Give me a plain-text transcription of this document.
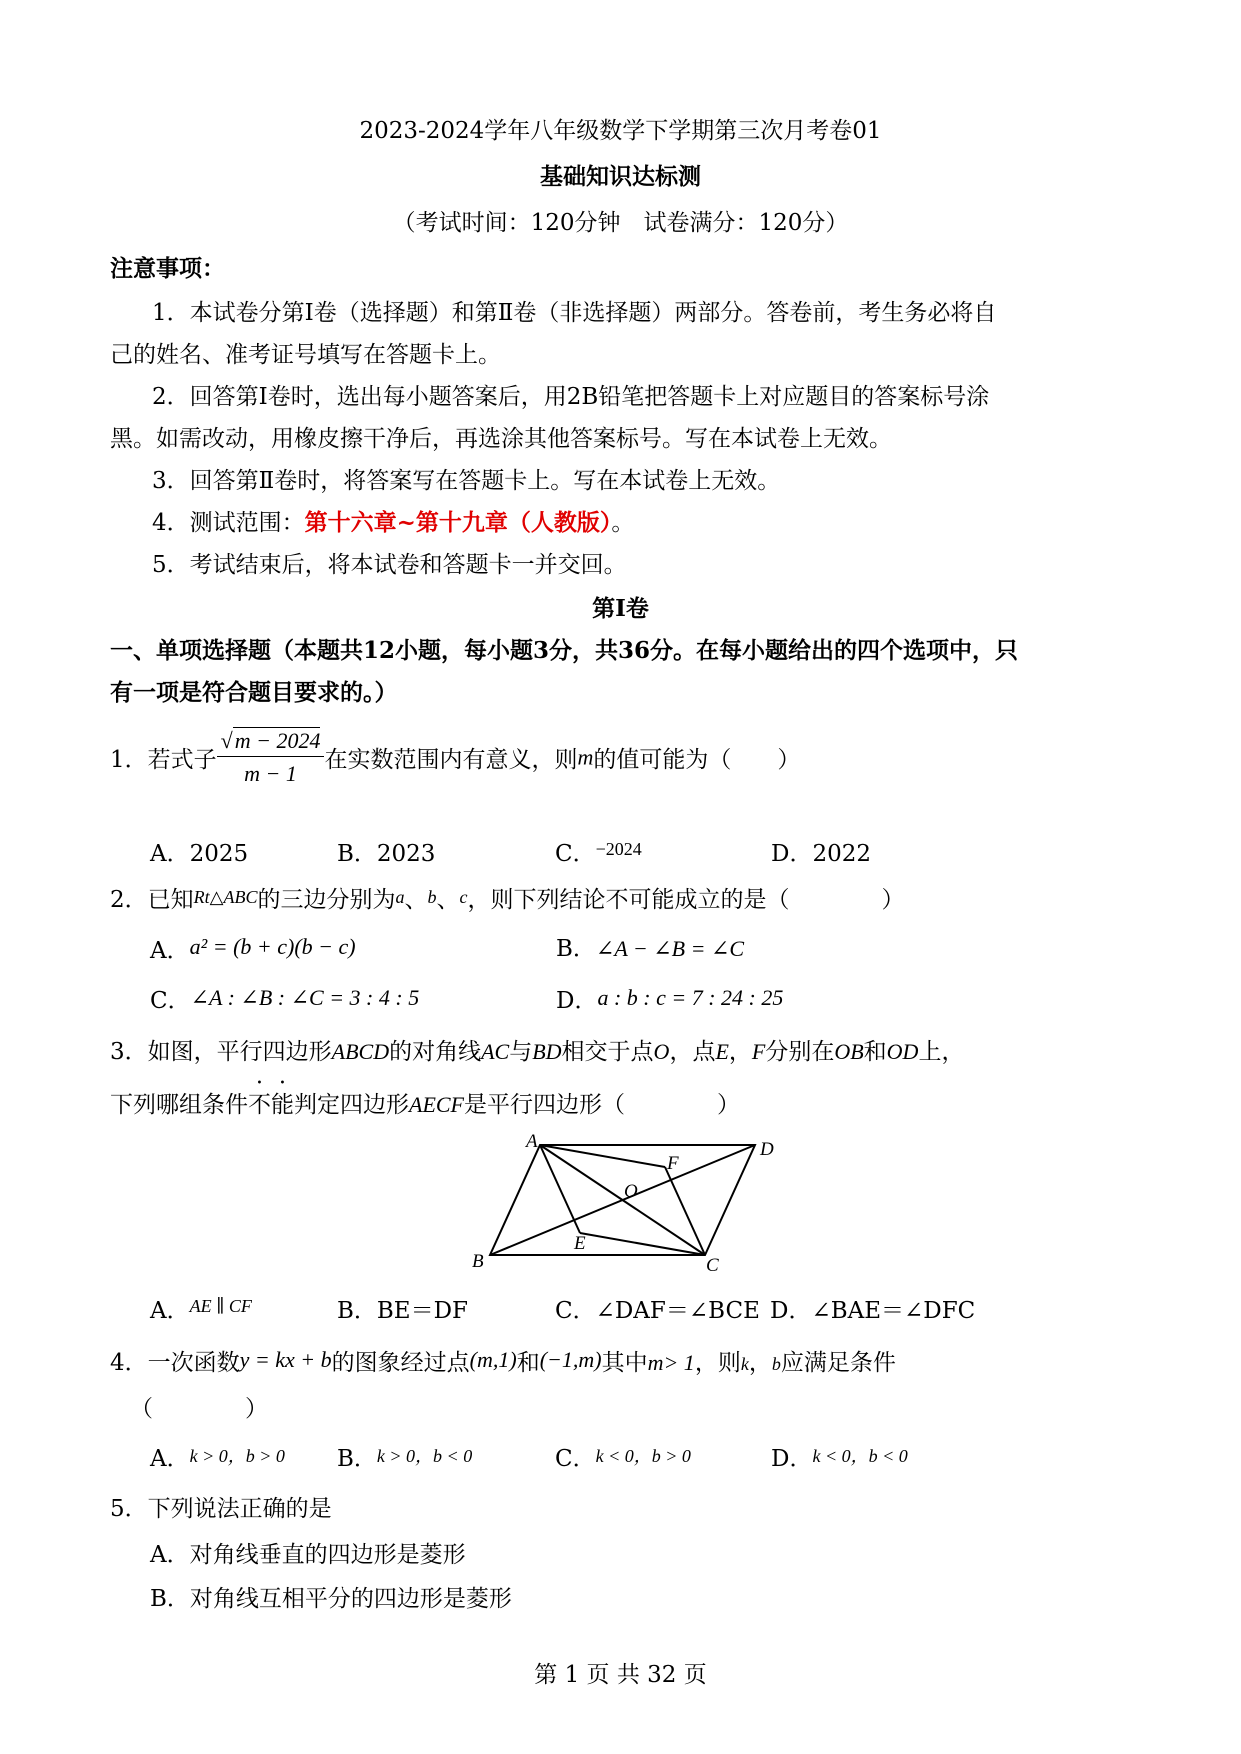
2023-2024学年八年级数学下学期第三次月考卷01
基础知识达标测
（考试时间：120分钟　试卷满分：120分）
注意事项：
1．本试卷分第Ⅰ卷（选择题）和第Ⅱ卷（非选择题）两部分。答卷前，考生务必将自
己的姓名、准考证号填写在答题卡上。
2．回答第Ⅰ卷时，选出每小题答案后，用2B铅笔把答题卡上对应题目的答案标号涂
黑。如需改动，用橡皮擦干净后，再选涂其他答案标号。写在本试卷上无效。
3．回答第Ⅱ卷时，将答案写在答题卡上。写在本试卷上无效。
4．测试范围：第十六章~第十九章（人教版）。
5．考试结束后，将本试卷和答题卡一并交回。
第Ⅰ卷
一、单项选择题（本题共12小题，每小题3分，共36分。在每小题给出的四个选项中，只
有一项是符合题目要求的。）
1．若式子 $\frac{√m - 2024}{m - 1}$ 在实数范围内有意义，则m的值可能为（　　）
A．2025	B．2023	C．$^{-2024}$	D．2022
2．已知Rt△ABC的三边分别为a、b、c，则下列结论不可能成立的是（　　　　）
A．a² = (b + c)(b − c)	B．∠A − ∠B = ∠C
C．∠A : ∠B : ∠C = 3 : 4 : 5	D．a : b : c = 7 : 24 : 25
3．如图，平行四边形ABCD的对角线AC与BD相交于点O，点E，F分别在OB和OD上，
下列哪组条件不能判定四边形AECF是平行四边形（　　　　）
A
B	C
D
O
E
F
A．$^{AE \parallel CF}$	B．BE＝DF	C．∠DAF＝∠BCE D．∠BAE＝∠DFC
4．一次函数y = kx + b的图象经过点(m,1)和(−1,m)其中m> 1，则k，b应满足条件
（　　　　）
A．k > 0，b > 0 B．k > 0，b < 0	C．k < 0，b > 0	D．k < 0，b < 0
5．下列说法正确的是
A．对角线垂直的四边形是菱形
B．对角线互相平分的四边形是菱形
第 1 页 共 32 页
